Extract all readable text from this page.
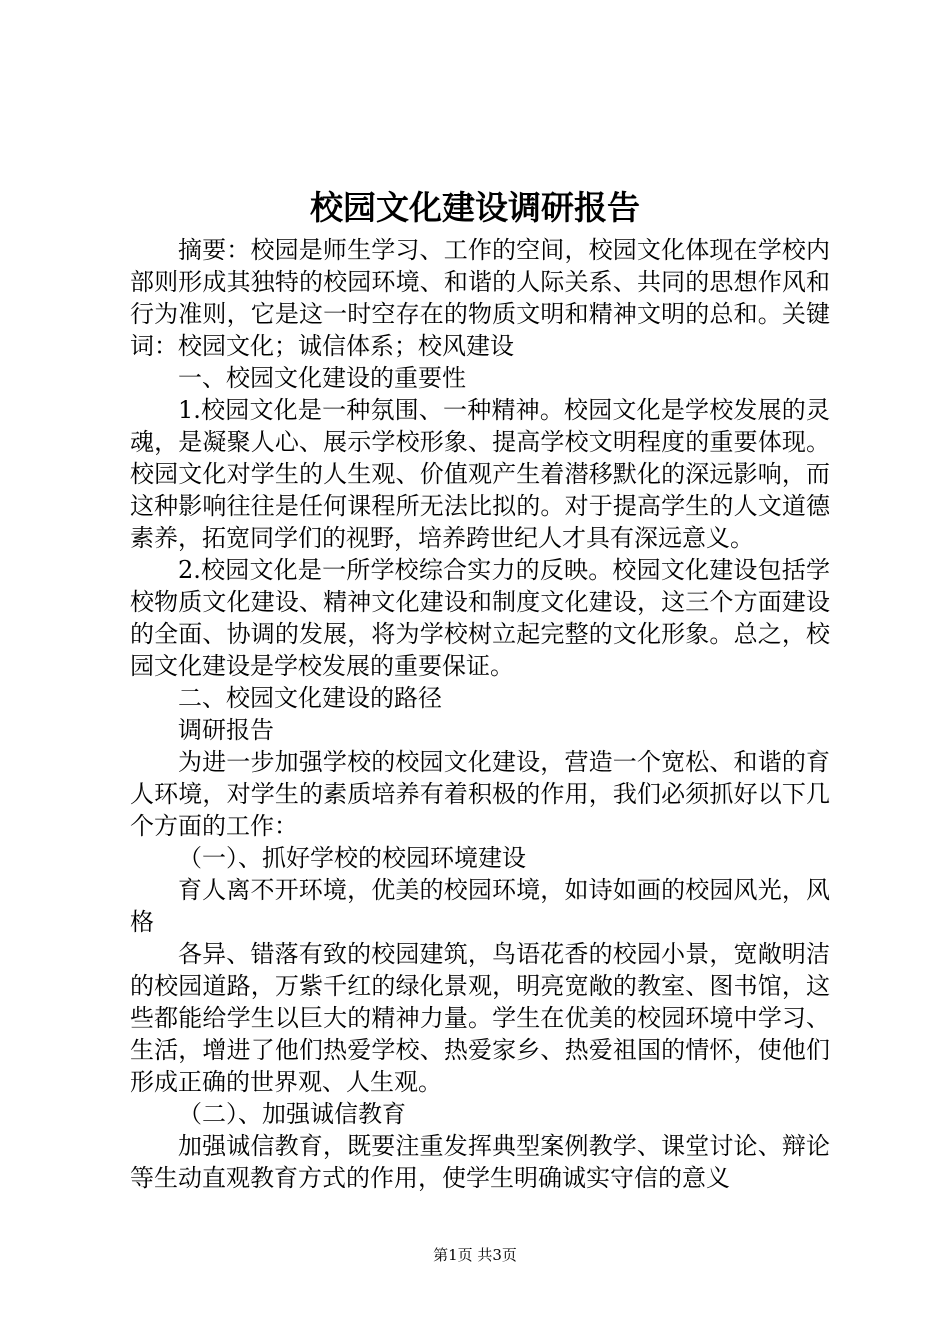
校园文化建设调研报告

摘要：校园是师生学习、工作的空间，校园文化体现在学校内部则形成其独特的校园环境、和谐的人际关系、共同的思想作风和行为准则，它是这一时空存在的物质文明和精神文明的总和。关键词：校园文化；诚信体系；校风建设

一、校园文化建设的重要性

1.校园文化是一种氛围、一种精神。校园文化是学校发展的灵魂，是凝聚人心、展示学校形象、提高学校文明程度的重要体现。校园文化对学生的人生观、价值观产生着潜移默化的深远影响，而这种影响往往是任何课程所无法比拟的。对于提高学生的人文道德素养，拓宽同学们的视野，培养跨世纪人才具有深远意义。

2.校园文化是一所学校综合实力的反映。校园文化建设包括学校物质文化建设、精神文化建设和制度文化建设，这三个方面建设的全面、协调的发展，将为学校树立起完整的文化形象。总之，校园文化建设是学校发展的重要保证。

二、校园文化建设的路径

调研报告

为进一步加强学校的校园文化建设，营造一个宽松、和谐的育人环境，对学生的素质培养有着积极的作用，我们必须抓好以下几个方面的工作：

（一）、抓好学校的校园环境建设

育人离不开环境，优美的校园环境，如诗如画的校园风光，风格

各异、错落有致的校园建筑，鸟语花香的校园小景，宽敞明洁的校园道路，万紫千红的绿化景观，明亮宽敞的教室、图书馆，这些都能给学生以巨大的精神力量。学生在优美的校园环境中学习、生活，增进了他们热爱学校、热爱家乡、热爱祖国的情怀，使他们形成正确的世界观、人生观。

（二）、加强诚信教育

加强诚信教育，既要注重发挥典型案例教学、课堂讨论、辩论等生动直观教育方式的作用，使学生明确诚实守信的意义

第1页 共3页
